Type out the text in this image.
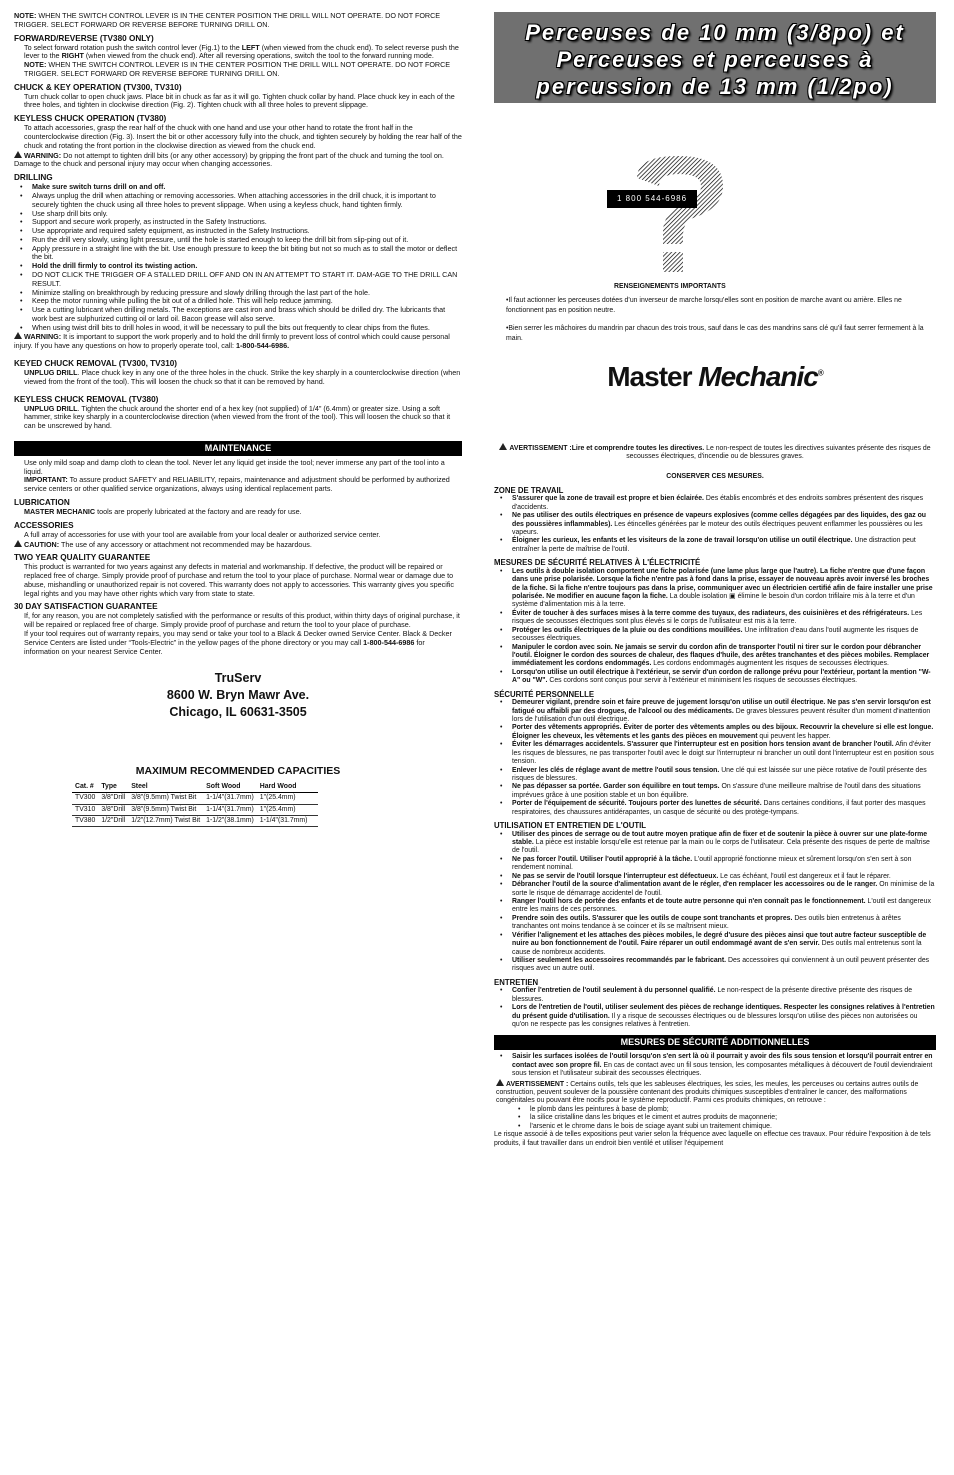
NOTE: WHEN THE SWITCH CONTROL LEVER IS IN THE CENTER POSITION THE DRILL WILL NOT OPERATE. DO NOT FORCE TRIGGER. SELECT FORWARD OR REVERSE BEFORE TURNING DRILL ON.

FORWARD/REVERSE (TV380 ONLY)

To select forward rotation push the switch control lever (Fig.1) to the LEFT (when viewed from the chuck end). To select reverse push the lever to the RIGHT (when viewed from the chuck end). After all reversing operations, switch the tool to the forward running mode.

NOTE: WHEN THE SWITCH CONTROL LEVER IS IN THE CENTER POSITION THE DRILL WILL NOT OPERATE. DO NOT FORCE TRIGGER. SELECT FORWARD OR REVERSE BEFORE TURNING DRILL ON.

CHUCK & KEY OPERATION (TV300, TV310)

Turn chuck collar to open chuck jaws. Place bit in chuck as far as it will go. Tighten chuck collar by hand. Place chuck key in each of the three holes, and tighten in clockwise direction (Fig. 2). Tighten chuck with all three holes to prevent slippage.

KEYLESS CHUCK OPERATION (TV380)

To attach accessories, grasp the rear half of the chuck with one hand and use your other hand to rotate the front half in the counterclockwise direction (Fig. 3). Insert the bit or other accessory fully into the chuck, and tighten securely by holding the rear half of the chuck and rotating the front portion in the clockwise direction as viewed from the chuck end.

WARNING: Do not attempt to tighten drill bits (or any other accessory) by gripping the front part of the chuck and turning the tool on. Damage to the chuck and personal injury may occur when changing accessories.

DRILLING

• Make sure switch turns drill on and off.
• Always unplug the drill when attaching or removing accessories. When attaching accessories in the drill chuck, it is important to securely tighten the chuck using all three holes to prevent slippage. When using a keyless chuck, hand tighten firmly.
• Use sharp drill bits only.
• Support and secure work properly, as instructed in the Safety Instructions.
• Use appropriate and required safety equipment, as instructed in the Safety Instructions.
• Run the drill very slowly, using light pressure, until the hole is started enough to keep the drill bit from slip-ping out of it.
• Apply pressure in a straight line with the bit. Use enough pressure to keep the bit biting but not so much as to stall the motor or deflect the bit.
• Hold the drill firmly to control its twisting action.
• DO NOT CLICK THE TRIGGER OF A STALLED DRILL OFF AND ON IN AN ATTEMPT TO START IT. DAM-AGE TO THE DRILL CAN RESULT.
• Minimize stalling on breakthrough by reducing pressure and slowly drilling through the last part of the hole.
• Keep the motor running while pulling the bit out of a drilled hole. This will help reduce jamming.
• Use a cutting lubricant when drilling metals. The exceptions are cast iron and brass which should be drilled dry. The lubricants that work best are sulphurized cutting oil or lard oil. Bacon grease will also serve.
• When using twist drill bits to drill holes in wood, it will be necessary to pull the bits out frequently to clear chips from the flutes.

WARNING: It is important to support the work properly and to hold the drill firmly to prevent loss of control which could cause personal injury. If you have any questions on how to properly operate tool, call: 1-800-544-6986.

KEYED CHUCK REMOVAL (TV300, TV310)

UNPLUG DRILL. Place chuck key in any one of the three holes in the chuck. Strike the key sharply in a counterclockwise direction (when viewed from the front of the tool). This will loosen the chuck so that it can be removed by hand.

KEYLESS CHUCK REMOVAL (TV380)

UNPLUG DRILL. Tighten the chuck around the shorter end of a hex key (not supplied) of 1/4" (6.4mm) or greater size. Using a soft hammer, strike key sharply in a counterclockwise direction (when viewed from the front of the tool). This will loosen the chuck so that it can be unscrewed by hand.

MAINTENANCE

Use only mild soap and damp cloth to clean the tool. Never let any liquid get inside the tool; never immerse any part of the tool into a liquid.

IMPORTANT: To assure product SAFETY and RELIABILITY, repairs, maintenance and adjustment should be performed by authorized service centers or other qualified service organizations, always using identical replacement parts.

LUBRICATION

MASTER MECHANIC tools are properly lubricated at the factory and are ready for use.

ACCESSORIES

A full array of accessories for use with your tool are available from your local dealer or authorized service center.

CAUTION: The use of any accessory or attachment not recommended may be hazardous.

TWO YEAR QUALITY GUARANTEE

This product is warranted for two years against any defects in material and workmanship. If defective, the product will be repaired or replaced free of charge. Simply provide proof of purchase and return the tool to your place of purchase. Normal wear or damage due to abuse, mishandling or unauthorized repair is not covered. This warranty does not apply to accessories. This warranty gives you specific legal rights and you may have other rights which vary from state to state.

30 DAY SATISFACTION GUARANTEE

If, for any reason, you are not completely satisfied with the performance or results of this product, within thirty days of original purchase, it will be repaired or replaced free of charge. Simply provide proof of purchase and return the tool to your place of purchase.

If your tool requires out of warranty repairs, you may send or take your tool to a Black & Decker owned Service Center. Black & Decker Service Centers are listed under “Tools-Electric” in the yellow pages of the phone directory or you may call 1-800-544-6986 for information on your nearest Service Center.

TruServ
8600 W. Bryn Mawr Ave.
Chicago, IL 60631-3505

MAXIMUM RECOMMENDED CAPACITIES

Cat. #	Type	Steel	Soft Wood	Hard Wood
TV300	3/8"Drill	3/8"(9.5mm) Twist Bit	1-1/4"(31.7mm)	1"(25.4mm)
TV310	3/8"Drill	3/8"(9.5mm) Twist Bit	1-1/4"(31.7mm)	1"(25.4mm)
TV380	1/2"Drill	1/2"(12.7mm) Twist Bit	1-1/2"(38.1mm)	1-1/4"(31.7mm)
Perceuses de 10 mm (3/8po) et
Perceuses et perceuses à
percussion de 13 mm (1/2po)
1 800 544-6986

RENSEIGNEMENTS IMPORTANTS

•Il faut actionner les perceuses dotées d’un inverseur de marche lorsqu’elles sont en position de marche avant ou arrière. Elles ne fonctionnent pas en position neutre.

•Bien serrer les mâchoires du mandrin par chacun des trois trous, sauf dans le cas des mandrins sans clé qu’il faut serrer fermement à la main.

Master Mechanic®

AVERTISSEMENT :Lire et comprendre toutes les directives. Le non-respect de toutes les directives suivantes présente des risques de secousses électriques, d'incendie ou de blessures graves.

CONSERVER CES MESURES.

ZONE DE TRAVAIL

• S'assurer que la zone de travail est propre et bien éclairée. Des établis encombrés et des endroits sombres présentent des risques d'accidents.
• Ne pas utiliser des outils électriques en présence de vapeurs explosives (comme celles dégagées par des liquides, des gaz ou des poussières inflammables). Les étincelles générées par le moteur des outils électriques peuvent enflammer les poussières ou les vapeurs.
• Éloigner les curieux, les enfants et les visiteurs de la zone de travail lorsqu'on utilise un outil électrique. Une distraction peut entraîner la perte de maîtrise de l'outil.

MESURES DE SÉCURITÉ RELATIVES À L'ÉLECTRICITÉ

• Les outils à double isolation comportent une fiche polarisée (une lame plus large que l'autre). La fiche n'entre que d'une façon dans une prise polarisée. Lorsque la fiche n'entre pas à fond dans la prise, essayer de nouveau après avoir inversé les broches de la fiche. Si la fiche n'entre toujours pas dans la prise, communiquer avec un électricien certifié afin de faire installer une prise polarisée. Ne modifier en aucune façon la fiche. La double isolation ▣ élimine le besoin d'un cordon trifilaire mis à la terre et d'un système d'alimentation mis à la terre.
• Éviter de toucher à des surfaces mises à la terre comme des tuyaux, des radiateurs, des cuisinières et des réfrigérateurs. Les risques de secousses électriques sont plus élevés si le corps de l'utilisateur est mis à la terre.
• Protéger les outils électriques de la pluie ou des conditions mouillées. Une infiltration d'eau dans l'outil augmente les risques de secousses électriques.
• Manipuler le cordon avec soin. Ne jamais se servir du cordon afin de transporter l'outil ni tirer sur le cordon pour débrancher l'outil. Éloigner le cordon des sources de chaleur, des flaques d'huile, des arêtes tranchantes et des pièces mobiles. Remplacer immédiatement les cordons endommagés. Les cordons endommagés augmentent les risques de secousses électriques.
• Lorsqu'on utilise un outil électrique à l'extérieur, se servir d'un cordon de rallonge prévu pour l'extérieur, portant la mention "W-A" ou "W". Ces cordons sont conçus pour servir à l'extérieur et minimisent les risques de secousses électriques.

SÉCURITÉ PERSONNELLE

• Demeurer vigilant, prendre soin et faire preuve de jugement lorsqu'on utilise un outil électrique. Ne pas s'en servir lorsqu'on est fatigué ou affaibli par des drogues, de l'alcool ou des médicaments. De graves blessures peuvent résulter d'un moment d'inattention lors de l'utilisation d'un outil électrique.
• Porter des vêtements appropriés. Éviter de porter des vêtements amples ou des bijoux. Recouvrir la chevelure si elle est longue. Éloigner les cheveux, les vêtements et les gants des pièces en mouvement qui peuvent les happer.
• Éviter les démarrages accidentels. S'assurer que l'interrupteur est en position hors tension avant de brancher l'outil. Afin d'éviter les risques de blessures, ne pas transporter l'outil avec le doigt sur l'interrupteur ni brancher un outil dont l'interrupteur est en position sous tension.
• Enlever les clés de réglage avant de mettre l'outil sous tension. Une clé qui est laissée sur une pièce rotative de l'outil présente des risques de blessures.
• Ne pas dépasser sa portée. Garder son équilibre en tout temps. On s'assure d'une meilleure maîtrise de l'outil dans des situations imprévues grâce à une position stable et un bon équilibre.
• Porter de l'équipement de sécurité. Toujours porter des lunettes de sécurité. Dans certaines conditions, il faut porter des masques respiratoires, des chaussures antidérapantes, un casque de sécurité ou des protège-tympans.

UTILISATION ET ENTRETIEN DE L'OUTIL

• Utiliser des pinces de serrage ou de tout autre moyen pratique afin de fixer et de soutenir la pièce à ouvrer sur une plate-forme stable. La pièce est instable lorsqu'elle est retenue par la main ou le corps de l'utilisateur. Cela présente des risques de perte de maîtrise de l'outil.
• Ne pas forcer l'outil. Utiliser l'outil approprié à la tâche. L'outil approprié fonctionne mieux et sûrement lorsqu'on s'en sert à son rendement nominal.
• Ne pas se servir de l'outil lorsque l'interrupteur est défectueux. Le cas échéant, l'outil est dangereux et il faut le réparer.
• Débrancher l'outil de la source d'alimentation avant de le régler, d'en remplacer les accessoires ou de le ranger. On minimise de la sorte le risque de démarrage accidentel de l'outil.
• Ranger l'outil hors de portée des enfants et de toute autre personne qui n'en connaît pas le fonctionnement. L'outil est dangereux entre les mains de ces personnes.
• Prendre soin des outils. S'assurer que les outils de coupe sont tranchants et propres. Des outils bien entretenus à arêtes tranchantes ont moins tendance à se coincer et ils se maîtrisent mieux.
• Vérifier l'alignement et les attaches des pièces mobiles, le degré d'usure des pièces ainsi que tout autre facteur susceptible de nuire au bon fonctionnement de l'outil. Faire réparer un outil endommagé avant de s'en servir. Des outils mal entretenus sont la cause de nombreux accidents.
• Utiliser seulement les accessoires recommandés par le fabricant. Des accessoires qui conviennent à un outil peuvent présenter des risques avec un autre outil.

ENTRETIEN

• Confier l'entretien de l'outil seulement à du personnel qualifié. Le non-respect de la présente directive présente des risques de blessures.
• Lors de l'entretien de l'outil, utiliser seulement des pièces de rechange identiques. Respecter les consignes relatives à l'entretien du présent guide d'utilisation. Il y a risque de secousses électriques ou de blessures lorsqu'on utilise des pièces non autorisées ou qu'on ne respecte pas les consignes relatives à l'entretien.
MESURES DE SÉCURITÉ ADDITIONNELLES
• Saisir les surfaces isolées de l'outil lorsqu'on s'en sert là où il pourrait y avoir des fils sous tension et lorsqu'il pourrait entrer en contact avec son propre fil. En cas de contact avec un fil sous tension, les composantes métalliques à découvert de l'outil deviendraient sous tension et l'utilisateur subirait des secousses électriques.

AVERTISSEMENT : Certains outils, tels que les sableuses électriques, les scies, les meules, les perceuses ou certains autres outils de construction, peuvent soulever de la poussière contenant des produits chimiques susceptibles d'entraîner le cancer, des malformations congénitales ou pouvant être nocifs pour le système reproductif. Parmi ces produits chimiques, on retrouve :

• le plomb dans les peintures à base de plomb;
• la silice cristalline dans les briques et le ciment et autres produits de maçonnerie;
• l'arsenic et le chrome dans le bois de sciage ayant subi un traitement chimique.

Le risque associé à de telles expositions peut varier selon la fréquence avec laquelle on effectue ces travaux. Pour réduire l'exposition à de tels produits, il faut travailler dans un endroit bien ventilé et utiliser l'équipement
